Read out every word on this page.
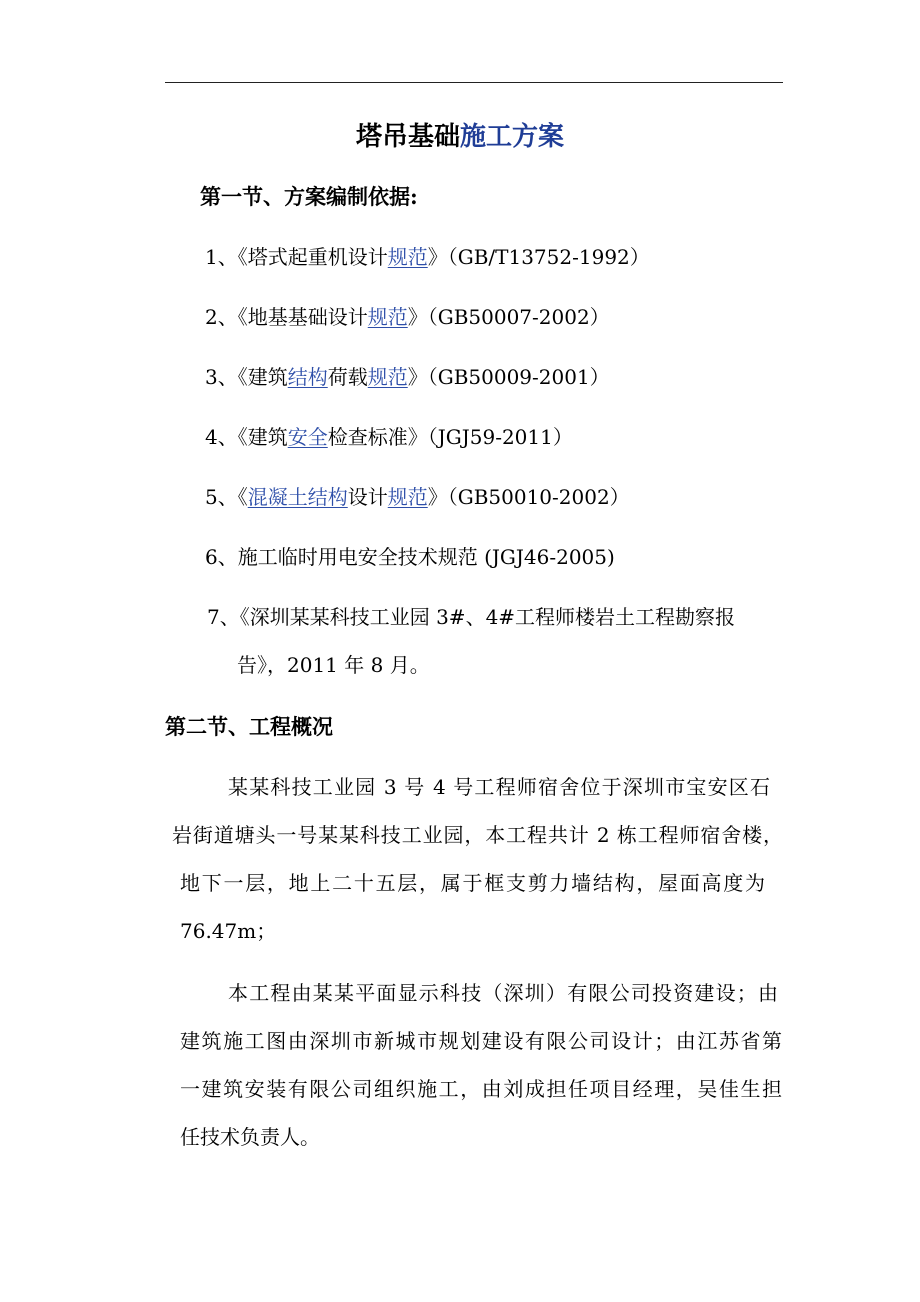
塔吊基础施工方案
第一节、方案编制依据:
1、《塔式起重机设计规范》（GB/T13752-1992）
2、《地基基础设计规范》（GB50007-2002）
3、《建筑结构荷载规范》（GB50009-2001）
4、《建筑安全检查标准》（JGJ59-2011）
5、《混凝土结构设计规范》（GB50010-2002）
6、施工临时用电安全技术规范 (JGJ46-2005)
7、《深圳某某科技工业园 3#、4#工程师楼岩土工程勘察报
告》，2011 年 8 月。
第二节、工程概况
某某科技工业园 3 号 4 号工程师宿舍位于深圳市宝安区石
岩街道塘头一号某某科技工业园，本工程共计 2 栋工程师宿舍楼，
地下一层，地上二十五层，属于框支剪力墙结构，屋面高度为
76.47m；
本工程由某某平面显示科技（深圳）有限公司投资建设；由
建筑施工图由深圳市新城市规划建设有限公司设计；由江苏省第
一建筑安装有限公司组织施工，由刘成担任项目经理，吴佳生担
任技术负责人。
